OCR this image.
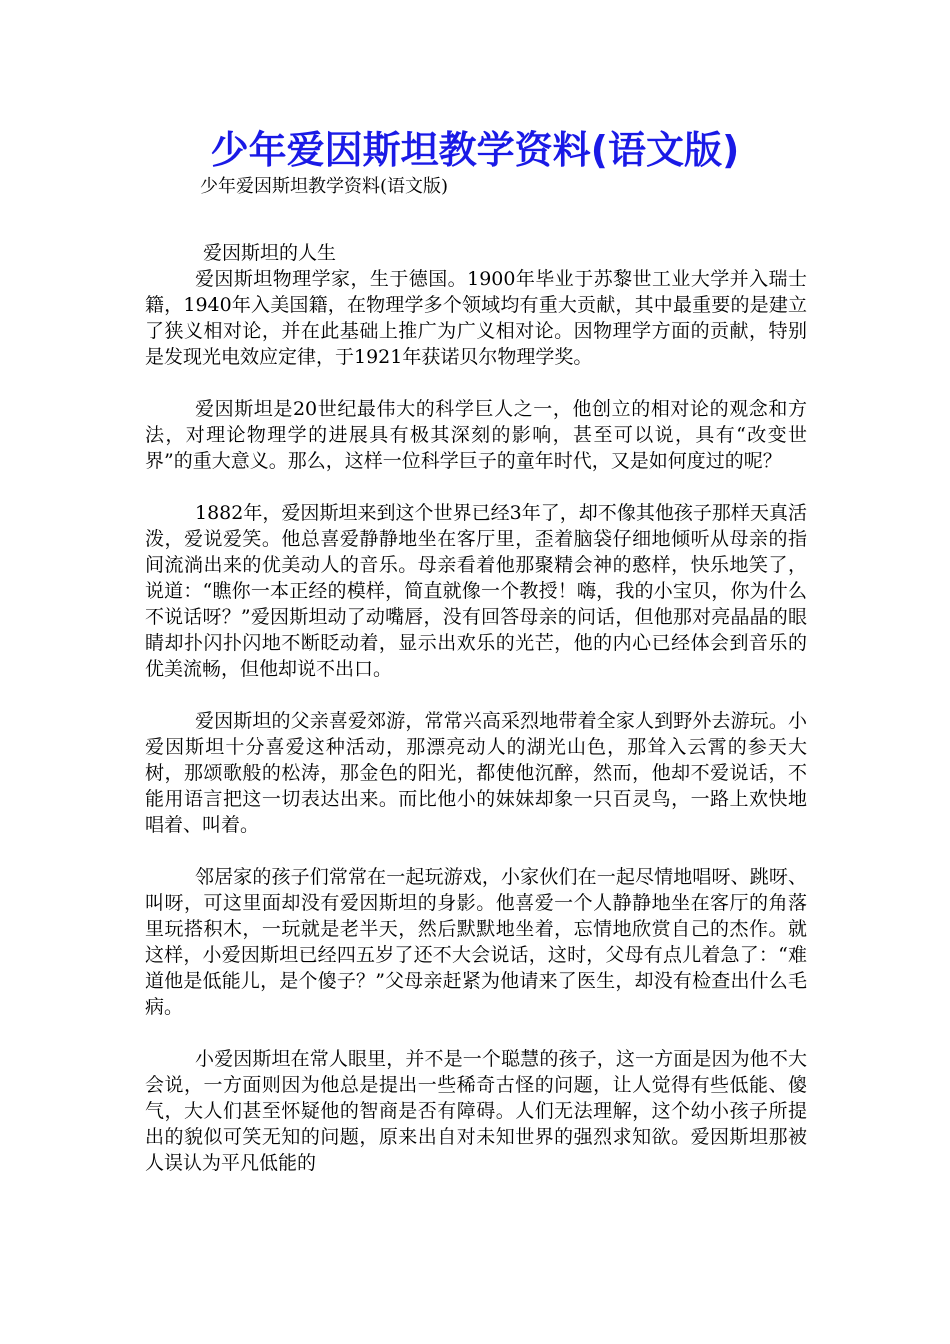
少年爱因斯坦教学资料(语文版)
少年爱因斯坦教学资料(语文版)

爱因斯坦的人生

爱因斯坦物理学家，生于德国。1900年毕业于苏黎世工业大学并入瑞士籍，1940年入美国籍，在物理学多个领域均有重大贡献，其中最重要的是建立了狭义相对论，并在此基础上推广为广义相对论。因物理学方面的贡献，特别是发现光电效应定律，于1921年获诺贝尔物理学奖。

爱因斯坦是20世纪最伟大的科学巨人之一，他创立的相对论的观念和方法，对理论物理学的进展具有极其深刻的影响，甚至可以说，具有“改变世界”的重大意义。那么，这样一位科学巨子的童年时代，又是如何度过的呢？

1882年，爱因斯坦来到这个世界已经3年了，却不像其他孩子那样天真活泼，爱说爱笑。他总喜爱静静地坐在客厅里，歪着脑袋仔细地倾听从母亲的指间流淌出来的优美动人的音乐。母亲看着他那聚精会神的憨样，快乐地笑了，说道：“瞧你一本正经的模样，简直就像一个教授！嗨，我的小宝贝，你为什么不说话呀？”爱因斯坦动了动嘴唇，没有回答母亲的问话，但他那对亮晶晶的眼睛却扑闪扑闪地不断眨动着，显示出欢乐的光芒，他的内心已经体会到音乐的优美流畅，但他却说不出口。

爱因斯坦的父亲喜爱郊游，常常兴高采烈地带着全家人到野外去游玩。小爱因斯坦十分喜爱这种活动，那漂亮动人的湖光山色，那耸入云霄的参天大树，那颂歌般的松涛，那金色的阳光，都使他沉醉，然而，他却不爱说话，不能用语言把这一切表达出来。而比他小的妹妹却象一只百灵鸟，一路上欢快地唱着、叫着。

邻居家的孩子们常常在一起玩游戏，小家伙们在一起尽情地唱呀、跳呀、叫呀，可这里面却没有爱因斯坦的身影。他喜爱一个人静静地坐在客厅的角落里玩搭积木，一玩就是老半天，然后默默地坐着，忘情地欣赏自己的杰作。就这样，小爱因斯坦已经四五岁了还不大会说话，这时，父母有点儿着急了：“难道他是低能儿，是个傻子？”父母亲赶紧为他请来了医生，却没有检查出什么毛病。

小爱因斯坦在常人眼里，并不是一个聪慧的孩子，这一方面是因为他不大会说，一方面则因为他总是提出一些稀奇古怪的问题，让人觉得有些低能、傻气，大人们甚至怀疑他的智商是否有障碍。人们无法理解，这个幼小孩子所提出的貌似可笑无知的问题，原来出自对未知世界的强烈求知欲。爱因斯坦那被人误认为平凡低能的
